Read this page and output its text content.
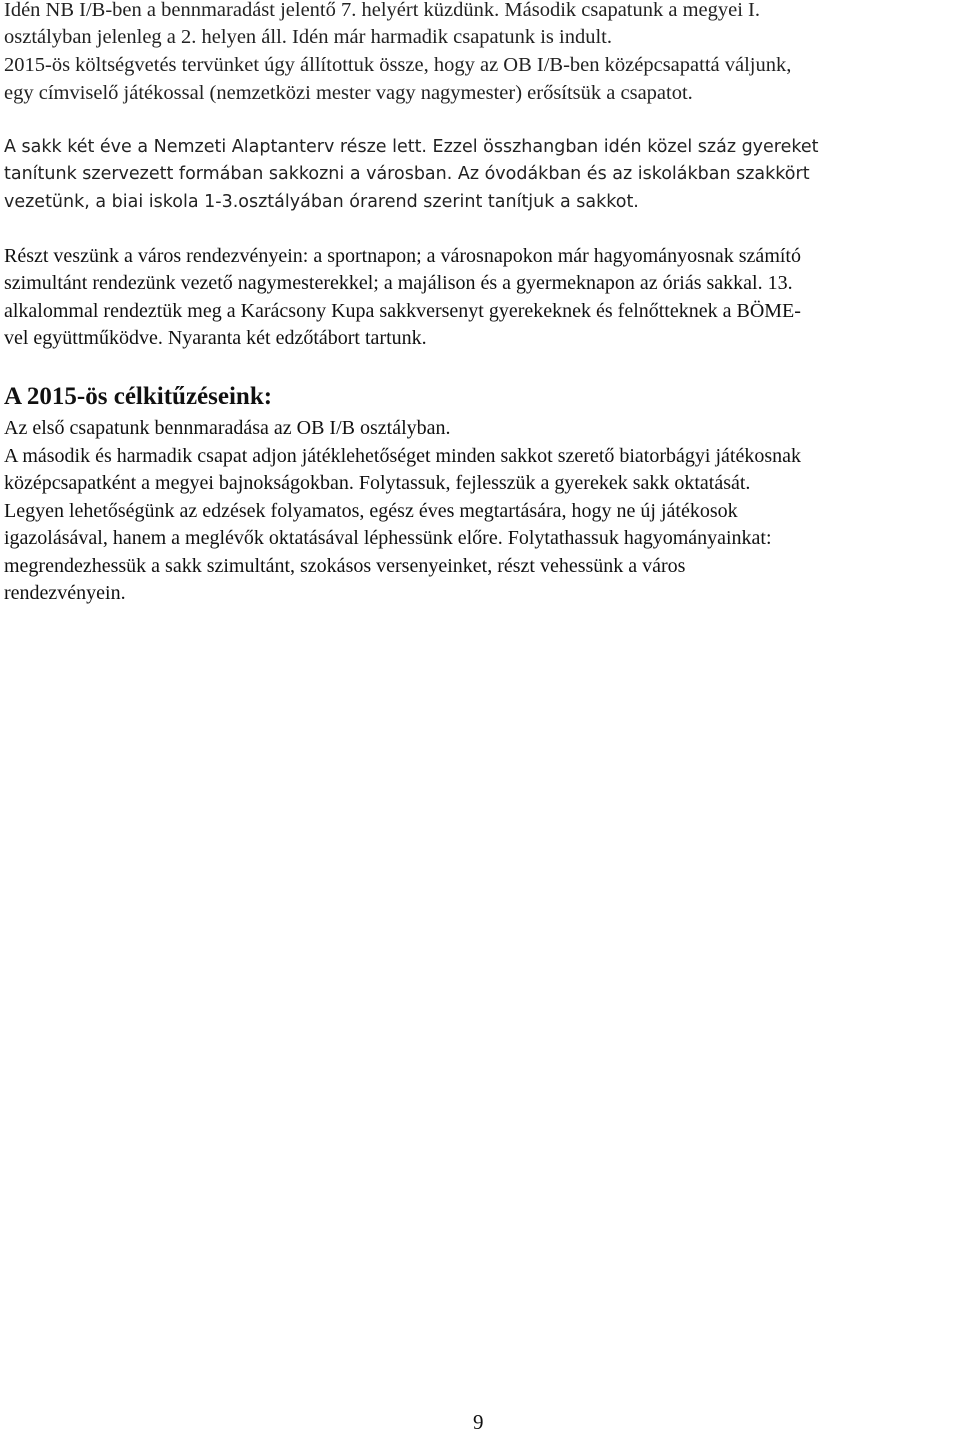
Idén NB I/B-ben a bennmaradást jelentő 7. helyért küzdünk. Második csapatunk a megyei I.
osztályban jelenleg a 2. helyen áll. Idén már harmadik csapatunk is indult.
2015-ös költségvetés tervünket úgy állítottuk össze, hogy az OB I/B-ben középcsapattá váljunk,
egy címviselő játékossal (nemzetközi mester vagy nagymester) erősítsük a csapatot.
A sakk két éve a Nemzeti Alaptanterv része lett. Ezzel összhangban idén közel száz gyereket
tanítunk szervezett formában sakkozni a városban. Az óvodákban és az iskolákban szakkört
vezetünk, a biai iskola 1-3.osztályában órarend szerint tanítjuk a sakkot.
Részt veszünk a város rendezvényein: a sportnapon; a városnapokon már hagyományosnak számító
szimultánt rendezünk vezető nagymesterekkel; a majálison és a gyermeknapon az óriás sakkal. 13.
alkalommal rendeztük meg a Karácsony Kupa sakkversenyt gyerekeknek és felnőtteknek a BÖME-
vel együttműködve. Nyaranta két edzőtábort tartunk.
A 2015-ös célkitűzéseink:
Az első csapatunk bennmaradása az OB I/B osztályban.
A második és harmadik csapat adjon játéklehetőséget minden sakkot szerető biatorbágyi játékosnak
középcsapatként a megyei bajnokságokban. Folytassuk, fejlesszük a gyerekek sakk oktatását.
Legyen lehetőségünk az edzések folyamatos, egész éves megtartására, hogy ne új játékosok
igazolásával, hanem a meglévők oktatásával léphessünk előre. Folytathassuk hagyományainkat:
megrendezhessük a sakk szimultánt, szokásos versenyeinket, részt vehessünk a város
rendezvényein.
9
